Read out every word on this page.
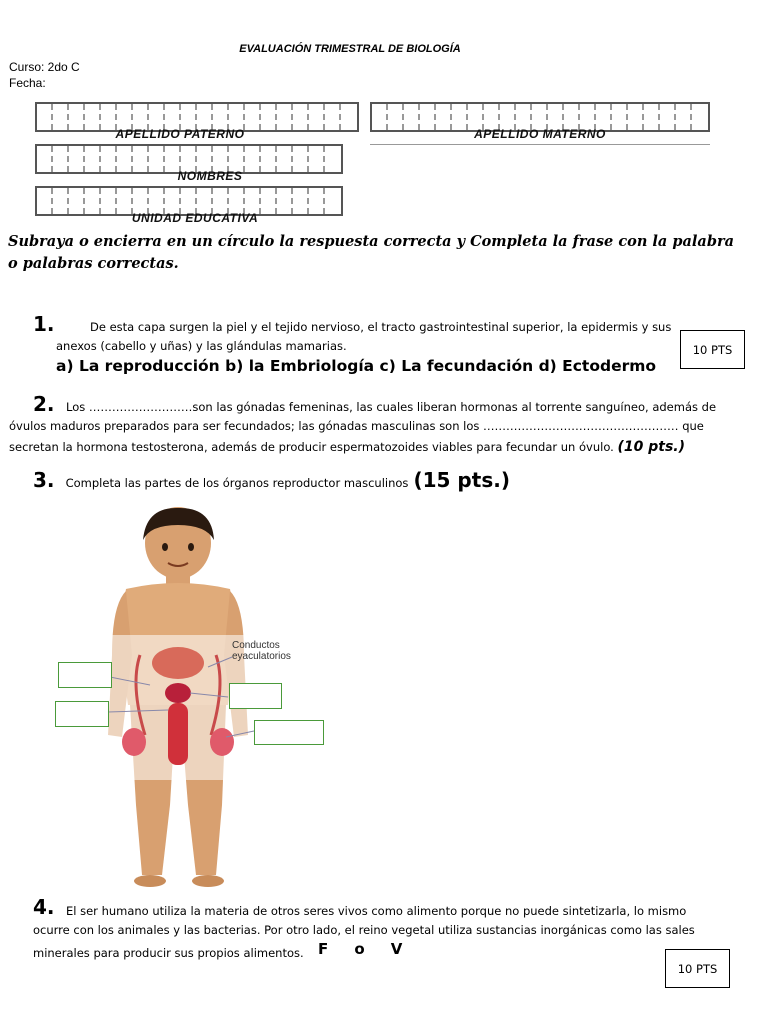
EVALUACIÓN TRIMESTRAL DE BIOLOGÍA
Curso: 2do C
Fecha:
APELLIDO PATERNO	APELLIDO MATERNO
NOMBRES
UNIDAD EDUCATIVA
Subraya o encierra en un círculo la respuesta correcta y Completa la frase con la palabra o palabras correctas.
1.	De esta capa surgen la piel y el tejido nervioso, el tracto gastrointestinal superior, la epidermis y sus
anexos (cabello y uñas) y las glándulas mamarias.
a) La reproducción b) la Embriología c) La fecundación d) Ectodermo
10 PTS
2. Los ………………………son las gónadas femeninas, las cuales liberan hormonas al torrente sanguíneo, además de
óvulos maduros preparados para ser fecundados; las gónadas masculinas son los …………………………………………… que
secretan la hormona testosterona, además de producir espermatozoides viables para fecundar un óvulo. (10 pts.)
3. Completa las partes de los órganos reproductor masculinos (15 pts.)
Conductos eyaculatorios
4. El ser humano utiliza la materia de otros seres vivos como alimento porque no puede sintetizarla, lo mismo
ocurre con los animales y las bacterias. Por otro lado, el reino vegetal utiliza sustancias inorgánicas como las sales
minerales para producir sus propios alimentos. F     o     V
10 PTS
